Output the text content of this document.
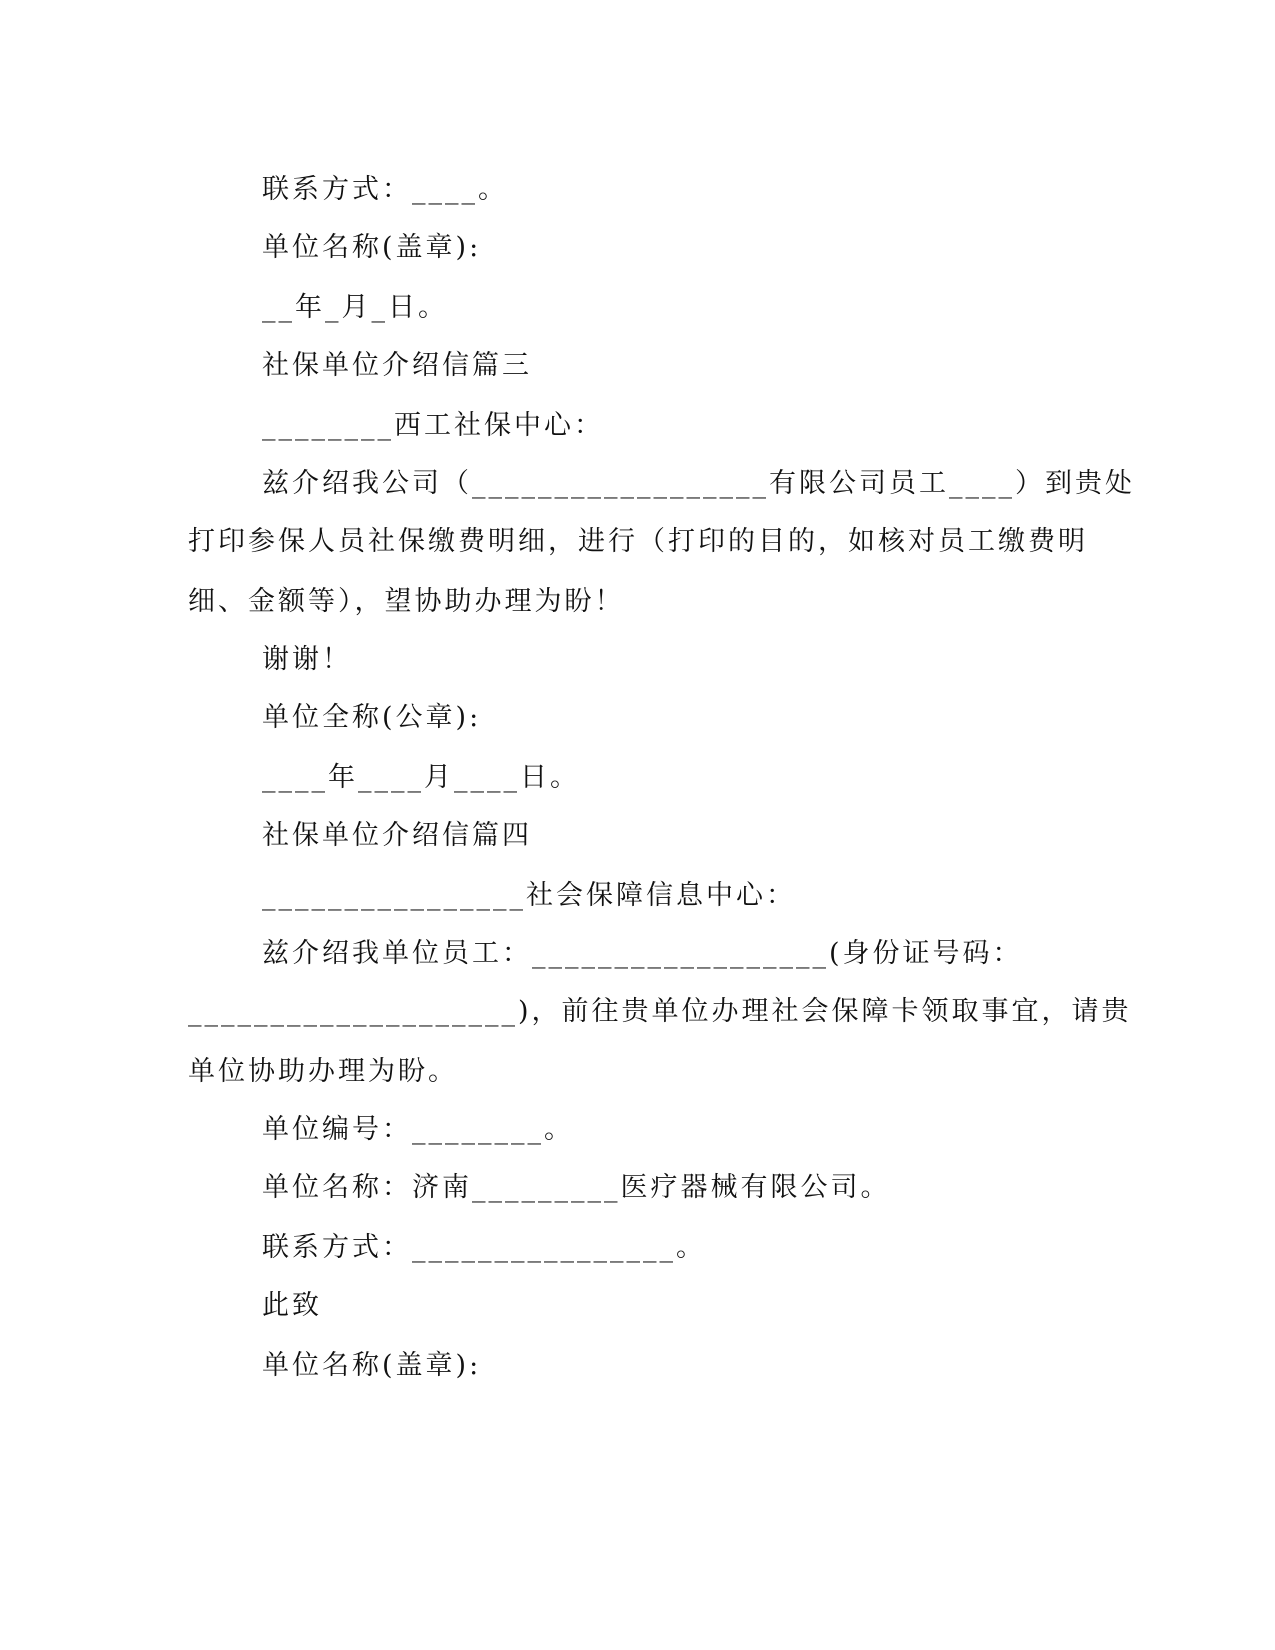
联系方式：____。
单位名称(盖章):
__年_月_日。
社保单位介绍信篇三
________西工社保中心：
兹介绍我公司（__________________有限公司员工____）到贵处
打印参保人员社保缴费明细，进行（打印的目的，如核对员工缴费明
细、金额等），望协助办理为盼！
谢谢！
单位全称(公章):
____年____月____日。
社保单位介绍信篇四
________________社会保障信息中心：
兹介绍我单位员工：__________________(身份证号码：
____________________)，前往贵单位办理社会保障卡领取事宜，请贵
单位协助办理为盼。
单位编号：________。
单位名称：济南_________医疗器械有限公司。
联系方式：________________。
此致
单位名称(盖章):
